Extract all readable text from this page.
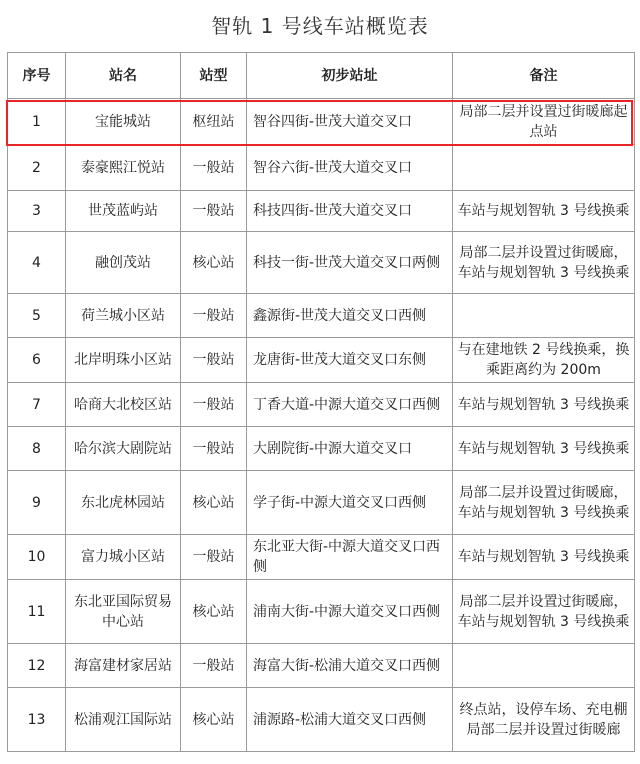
智轨 1 号线车站概览表
序号	站名	站型	初步站址	备注
1	宝能城站	枢纽站	智谷四街-世茂大道交叉口	局部二层并设置过街暖廊起点站
2	泰豪熙江悦站	一般站	智谷六街-世茂大道交叉口	
3	世茂蓝屿站	一般站	科技四街-世茂大道交叉口	车站与规划智轨 3 号线换乘
4	融创茂站	核心站	科技一街-世茂大道交叉口两侧	局部二层并设置过街暖廊， 车站与规划智轨 3 号线换乘
5	荷兰城小区站	一般站	鑫源街-世茂大道交叉口西侧	
6	北岸明珠小区站	一般站	龙唐街-世茂大道交叉口东侧	与在建地铁 2 号线换乘，换乘距离约为 200m
7	哈商大北校区站	一般站	丁香大道-中源大道交叉口西侧	车站与规划智轨 3 号线换乘
8	哈尔滨大剧院站	一般站	大剧院街-中源大道交叉口	车站与规划智轨 3 号线换乘
9	东北虎林园站	核心站	学子街-中源大道交叉口西侧	局部二层并设置过街暖廊， 车站与规划智轨 3 号线换乘
10	富力城小区站	一般站	东北亚大街-中源大道交叉口西侧	车站与规划智轨 3 号线换乘
11	东北亚国际贸易中心站	核心站	浦南大街-中源大道交叉口西侧	局部二层并设置过街暖廊， 车站与规划智轨 3 号线换乘
12	海富建材家居站	一般站	海富大街-松浦大道交叉口西侧	
13	松浦观江国际站	核心站	浦源路-松浦大道交叉口西侧	终点站，设停车场、充电棚 局部二层并设置过街暖廊
